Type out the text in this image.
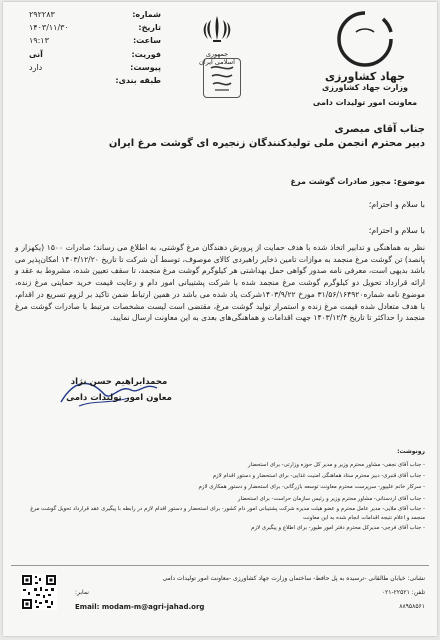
شماره:
۲۹۲۲۸۳
تاریخ:
۱۴۰۳/۱۱/۳۰
ساعت:
۱۹:۱۳
فوریت:
آنی
پیوست:
دارد
طبقه بندی:
جمهوری اسلامی ایران
جهاد کشاورزی
وزارت جهاد کشاورزی
معاونت امور تولیدات دامی
جناب آقای مبصری
دبیر محترم انجمن ملی تولیدکنندگان زنجیره ای گوشت مرغ ایران
موضوع: مجوز صادرات گوشت مرغ
با سلام و احترام؛
با سلام و احترام؛
نظر به هماهنگی و تدابیر اتخاذ شده با هدف حمایت از پرورش دهندگان مرغ گوشتی، به اطلاع می رساند؛ صادرات ۱۵۰۰ (یکهزار و پانصد) تن گوشت مرغ منجمد به موازات تامین ذخایر راهبردی کالای موصوف، توسط آن شرکت تا تاریخ ۱۴۰۳/۱۲/۲۰ امکان‌پذیر می باشد بدیهی است، معرفی نامه صدور گواهی حمل بهداشتی هر کیلوگرم گوشت مرغ منجمد، تا سقف تعیین شده، مشروط به عقد و ارائه قرارداد تحویل دو کیلوگرم گوشت مرغ منجمد شده با شرکت پشتیبانی امور دام و رعایت قیمت خرید حمایتی مرغ زنده، موضوع نامه شماره۳۱/۵۶/۱۶۴۹۲۰ مورخ ۱۴۰۳/۹/۲۲شرکت یاد شده می باشد در همین ارتباط ضمن تاکید بر لزوم تسریع در اقدام، با هدف متعادل شده قیمت مرغ زنده و استمرار تولید گوشت مرغ، مقتضی است لیست مشخصات مرتبط با صادرات گوشت مرغ منجمد را حداکثر تا تاریخ ۱۴۰۳/۱۲/۴ جهت اقدامات و هماهنگی‌های بعدی به این معاونت ارسال نمایید.
محمدابراهیم حسن نژاد
معاون امور تولیدات دامی
رونوشت:
- جناب آقای نجفی- مشاور محترم وزیر و مدیر کل حوزه وزارتی- برای استحضار
- جناب آقای قنبری- دبیر محترم ستاد هماهنگی امنیت غذایی- برای استحضار و دستور اقدام لازم
- سرکار خانم علیپور- سرپرست محترم معاونت توسعه بازرگانی- برای استحضار و دستور همکاری لازم
- جناب آقای اردستانی- مشاور محترم وزیر و رئیس سازمان حراست- برای استحضار
- جناب آقای ملایی- مدیر عامل محترم و عضو هیئت مدیره شرکت پشتیبانی امور دام کشور- برای استحضار و دستور اقدام لازم در رابطه با پیگیری عقد قرارداد تحویل گوشت مرغ منجمد و اعلام نتیجه اقدامات انجام شده به این معاونت
- جناب آقای فرجی- مدیرکل محترم دفتر امور طیور- برای اطلاع و پیگیری لازم
نشانی: خیابان طالقانی -ترسیده به پل حافظ- ساختمان وزارت جهاد کشاورزی -معاونت امور تولیدات دامی
تلفن: ۲۲۵۲۱-۰۲۱
نمابر:
۸۸۹۵۸۵۶۱
Email: modam-m@agri-jahad.org
